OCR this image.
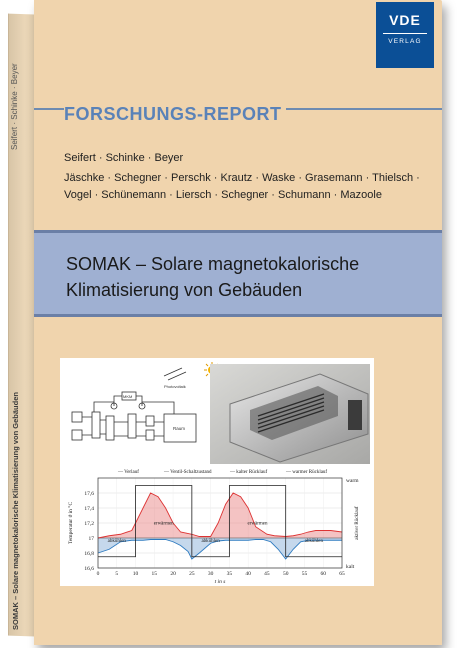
Seifert · Schinke · Beyer
SOMAK – Solare magnetokalorische Klimatisierung von Gebäuden
VDE
VERLAG
FORSCHUNGS-REPORT
Seifert · Schinke · Beyer
Jäschke · Schegner · Perschk · Krautz · Waske · Grasemann · Thielsch ·
Vogel · Schünemann · Liersch · Schegner · Schumann · Mazoole
SOMAK – Solare magnetokalorische
Klimatisierung von Gebäuden
Photovoltaik
MKM
Raum
16,6
16,8
17
17,2
17,4
17,6
0	5	10 15 20 25 30 35 40 45 50 55 60 65
— Verlauf	— Ventil-Schaltzustand	— kalter Rücklauf	— warmer Rücklauf
erwärmen	erwärmen
abkühlen	abkühlen	abkühlen
t in s
Temperatur ϑ in °C
warm
kalt
aktiver Rücklauf
